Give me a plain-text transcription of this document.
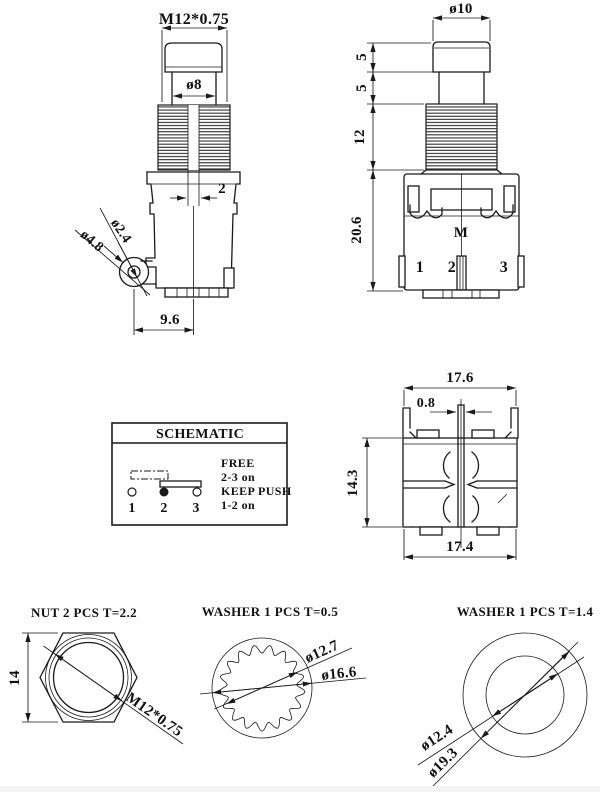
M12*0.75
ø8
2
ø2.4
ø4.8
9.6
ø10
M
1 2	3
5
5
12
20.6
17.6
0.8
14.3
17.4
SCHEMATIC
1 2 3
FREE
2-3 on
KEEP PUSH
1-2 on
NUT 2 PCS T=2.2
14
M12*0.75
WASHER 1 PCS T=0.5
ø12.7
ø16.6
WASHER 1 PCS T=1.4
ø12.4
ø19.3
